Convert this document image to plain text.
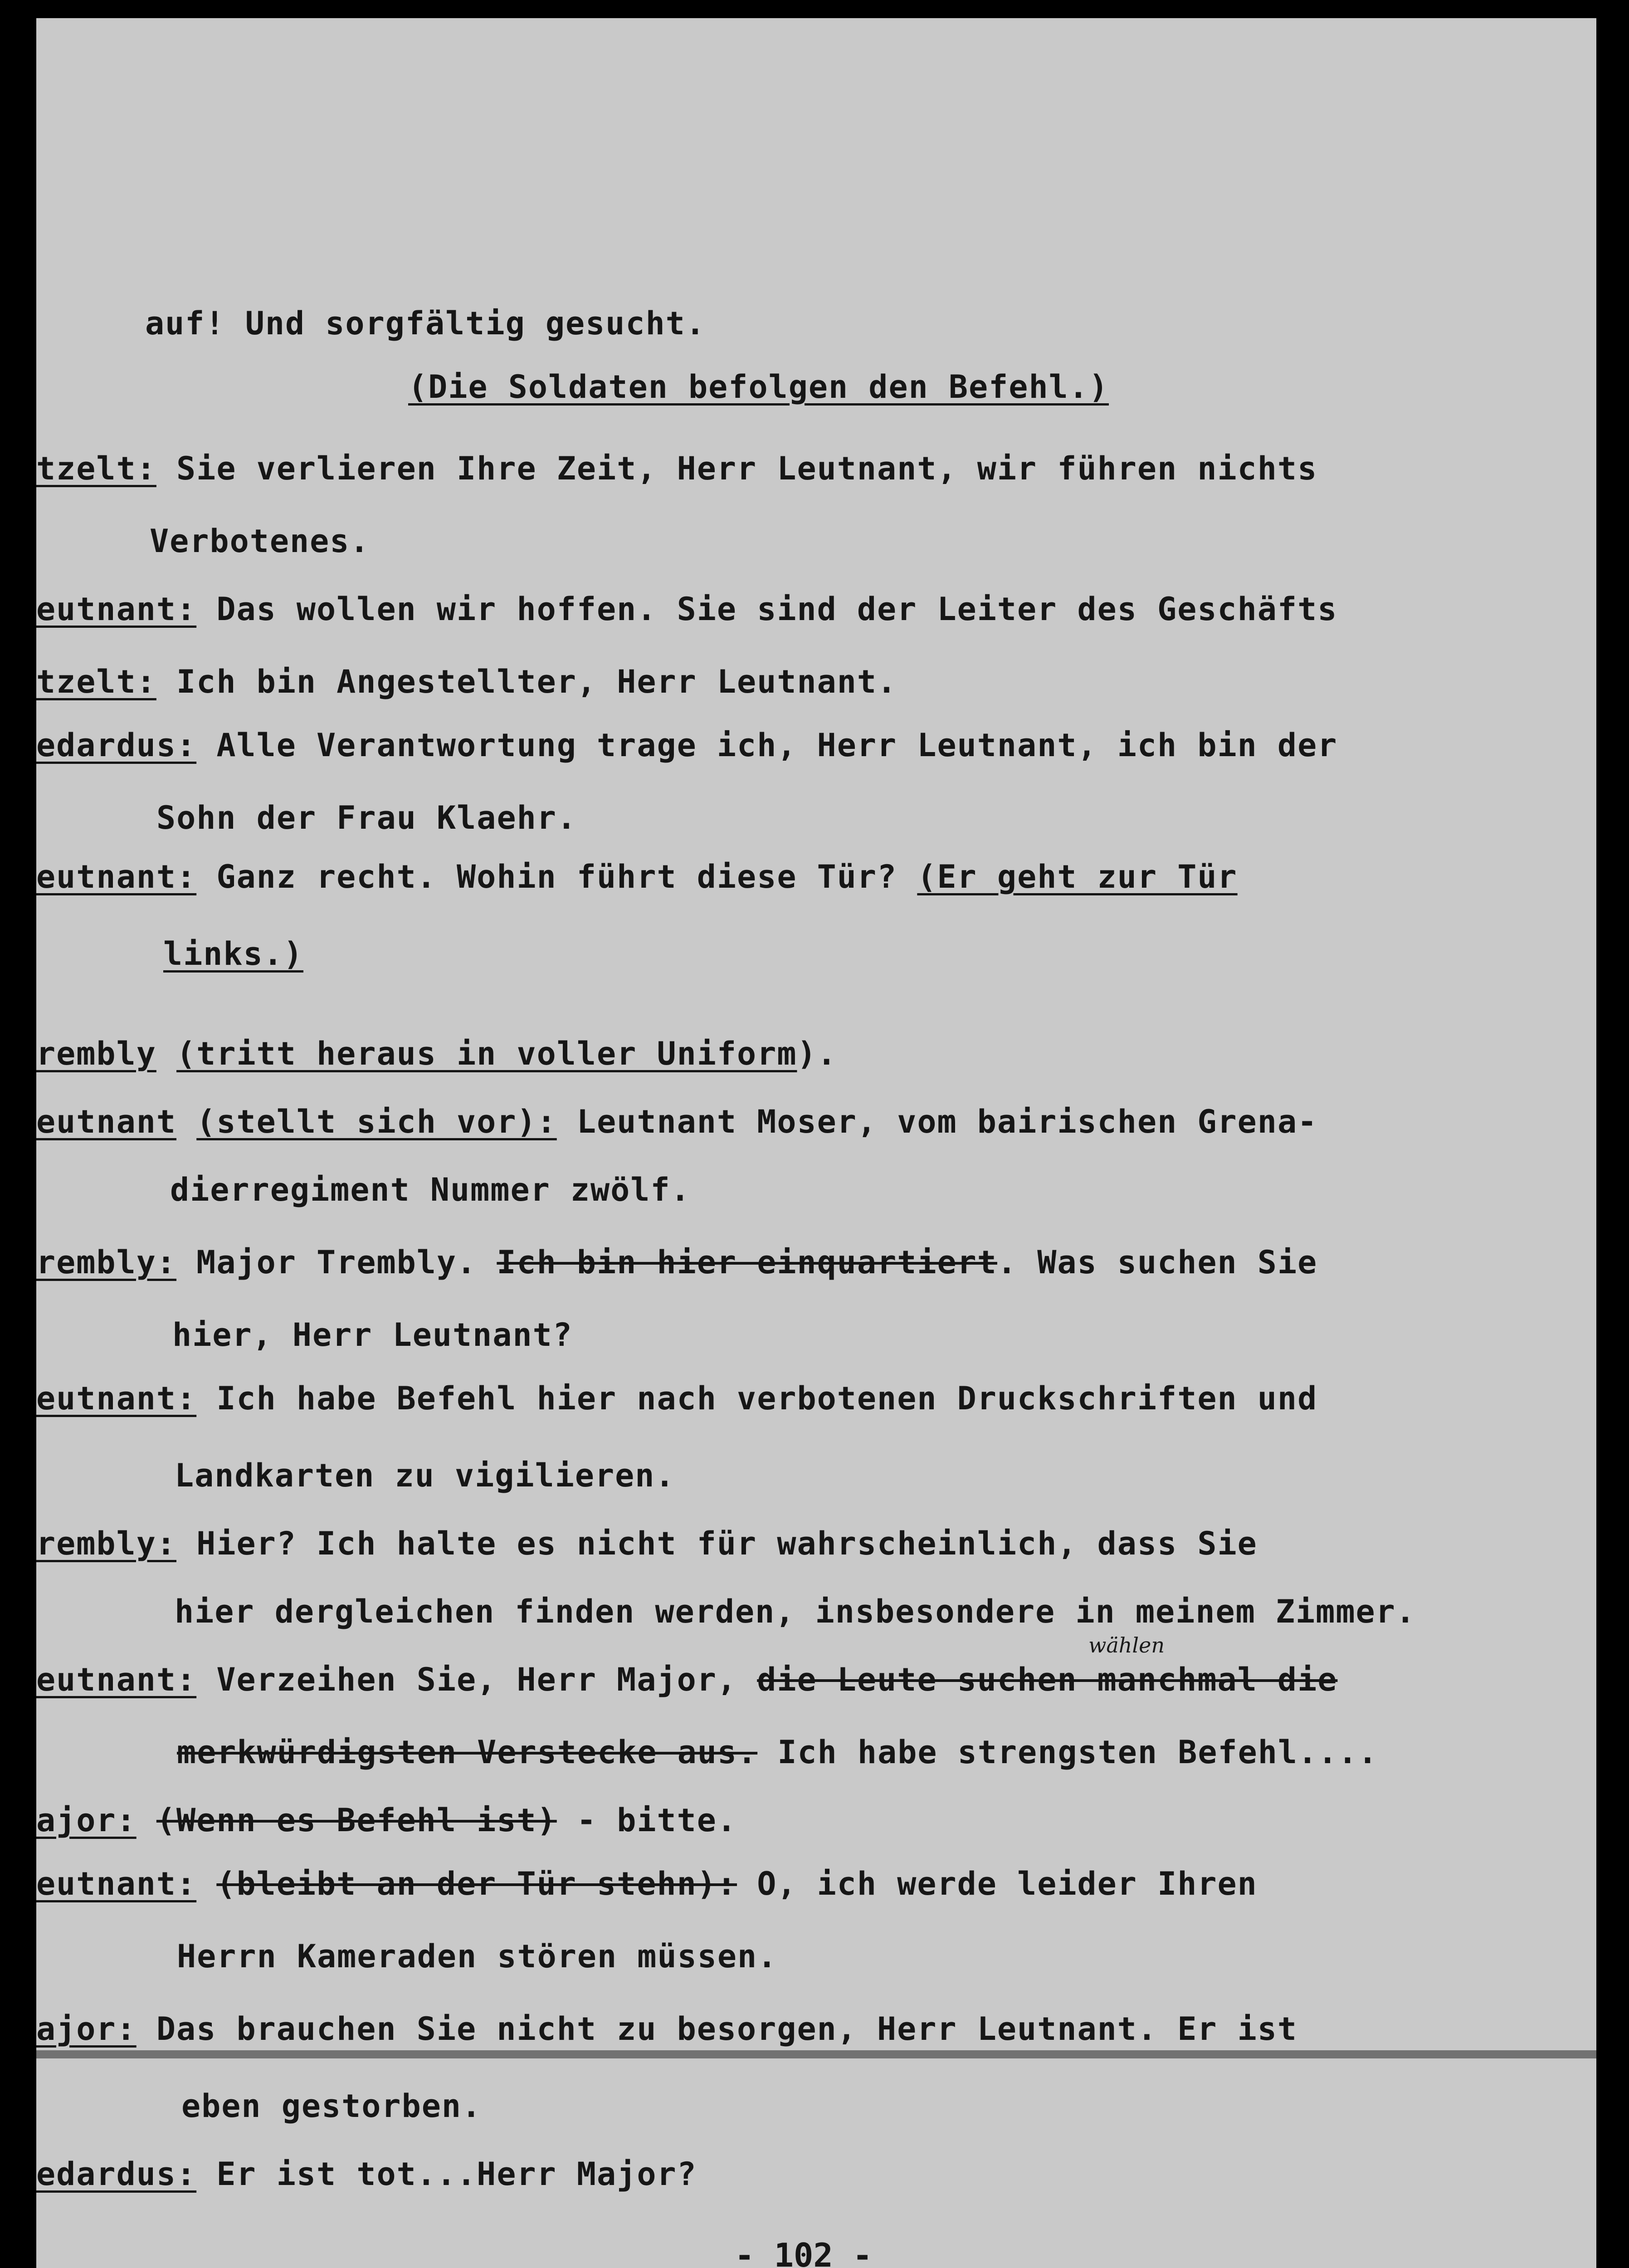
auf! Und sorgfältig gesucht.
(Die Soldaten befolgen den Befehl.)
tzelt: Sie verlieren Ihre Zeit, Herr Leutnant, wir führen nichts
Verbotenes.
eutnant: Das wollen wir hoffen. Sie sind der Leiter des Geschäfts
tzelt: Ich bin Angestellter, Herr Leutnant.
edardus: Alle Verantwortung trage ich, Herr Leutnant, ich bin der
Sohn der Frau Klaehr.
eutnant: Ganz recht. Wohin führt diese Tür? (Er geht zur Tür
links.)
rembly (tritt heraus in voller Uniform).
eutnant (stellt sich vor): Leutnant Moser, vom bairischen Grena-
dierregiment Nummer zwölf.
rembly: Major Trembly. Ich bin hier einquartiert. Was suchen Sie
hier, Herr Leutnant?
eutnant: Ich habe Befehl hier nach verbotenen Druckschriften und
Landkarten zu vigilieren.
rembly: Hier? Ich halte es nicht für wahrscheinlich, dass Sie
hier dergleichen finden werden, insbesondere in meinem Zimmer.
wählen
eutnant: Verzeihen Sie, Herr Major, die Leute suchen manchmal die
merkwürdigsten Verstecke aus. Ich habe strengsten Befehl....
ajor: (Wenn es Befehl ist) - bitte.
eutnant: (bleibt an der Tür stehn): O, ich werde leider Ihren
Herrn Kameraden stören müssen.
ajor: Das brauchen Sie nicht zu besorgen, Herr Leutnant. Er ist
eben gestorben.
edardus: Er ist tot...Herr Major?
- 102 -
